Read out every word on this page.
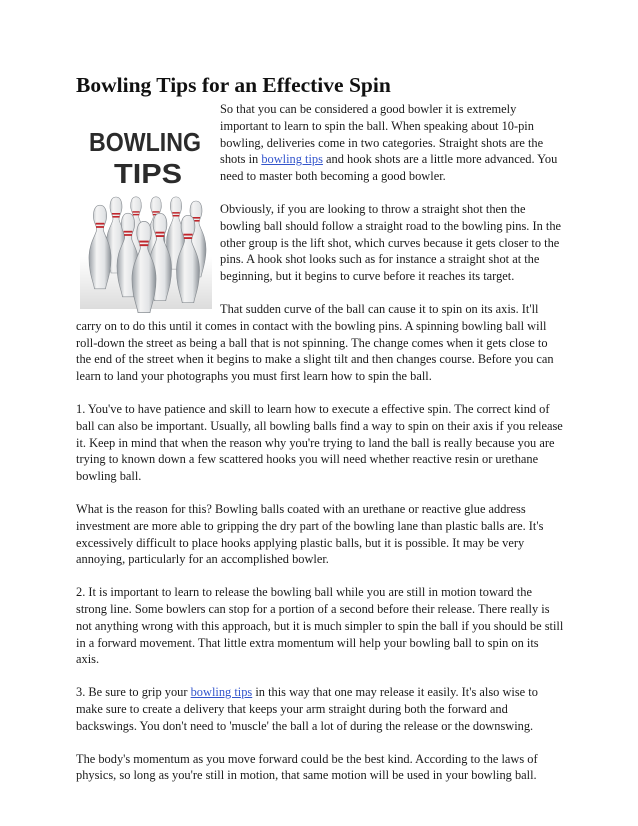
Bowling Tips for an Effective Spin
BOWLING
TIPS

So that you can be considered a good bowler it is extremely important to learn to spin the ball. When speaking about 10-pin bowling, deliveries come in two categories. Straight shots are the shots in bowling tips and hook shots are a little more advanced. You need to master both becoming a good bowler.

Obviously, if you are looking to throw a straight shot then the bowling ball should follow a straight road to the bowling pins. In the other group is the lift shot, which curves because it gets closer to the pins. A hook shot looks such as for instance a straight shot at the beginning, but it begins to curve before it reaches its target.

That sudden curve of the ball can cause it to spin on its axis. It'll carry on to do this until it comes in contact with the bowling pins. A spinning bowling ball will roll-down the street as being a ball that is not spinning. The change comes when it gets close to the end of the street when it begins to make a slight tilt and then changes course. Before you can learn to land your photographs you must first learn how to spin the ball.

1. You've to have patience and skill to learn how to execute a effective spin. The correct kind of ball can also be important. Usually, all bowling balls find a way to spin on their axis if you release it. Keep in mind that when the reason why you're trying to land the ball is really because you are trying to known down a few scattered hooks you will need whether reactive resin or urethane bowling ball.

What is the reason for this? Bowling balls coated with an urethane or reactive glue address investment are more able to gripping the dry part of the bowling lane than plastic balls are. It's excessively difficult to place hooks applying plastic balls, but it is possible. It may be very annoying, particularly for an accomplished bowler.

2. It is important to learn to release the bowling ball while you are still in motion toward the strong line. Some bowlers can stop for a portion of a second before their release. There really is not anything wrong with this approach, but it is much simpler to spin the ball if you should be still in a forward movement. That little extra momentum will help your bowling ball to spin on its axis.

3. Be sure to grip your bowling tips in this way that one may release it easily. It's also wise to make sure to create a delivery that keeps your arm straight during both the forward and backswings. You don't need to 'muscle' the ball a lot of during the release or the downswing.

The body's momentum as you move forward could be the best kind. According to the laws of physics, so long as you're still in motion, that same motion will be used in your bowling ball.
